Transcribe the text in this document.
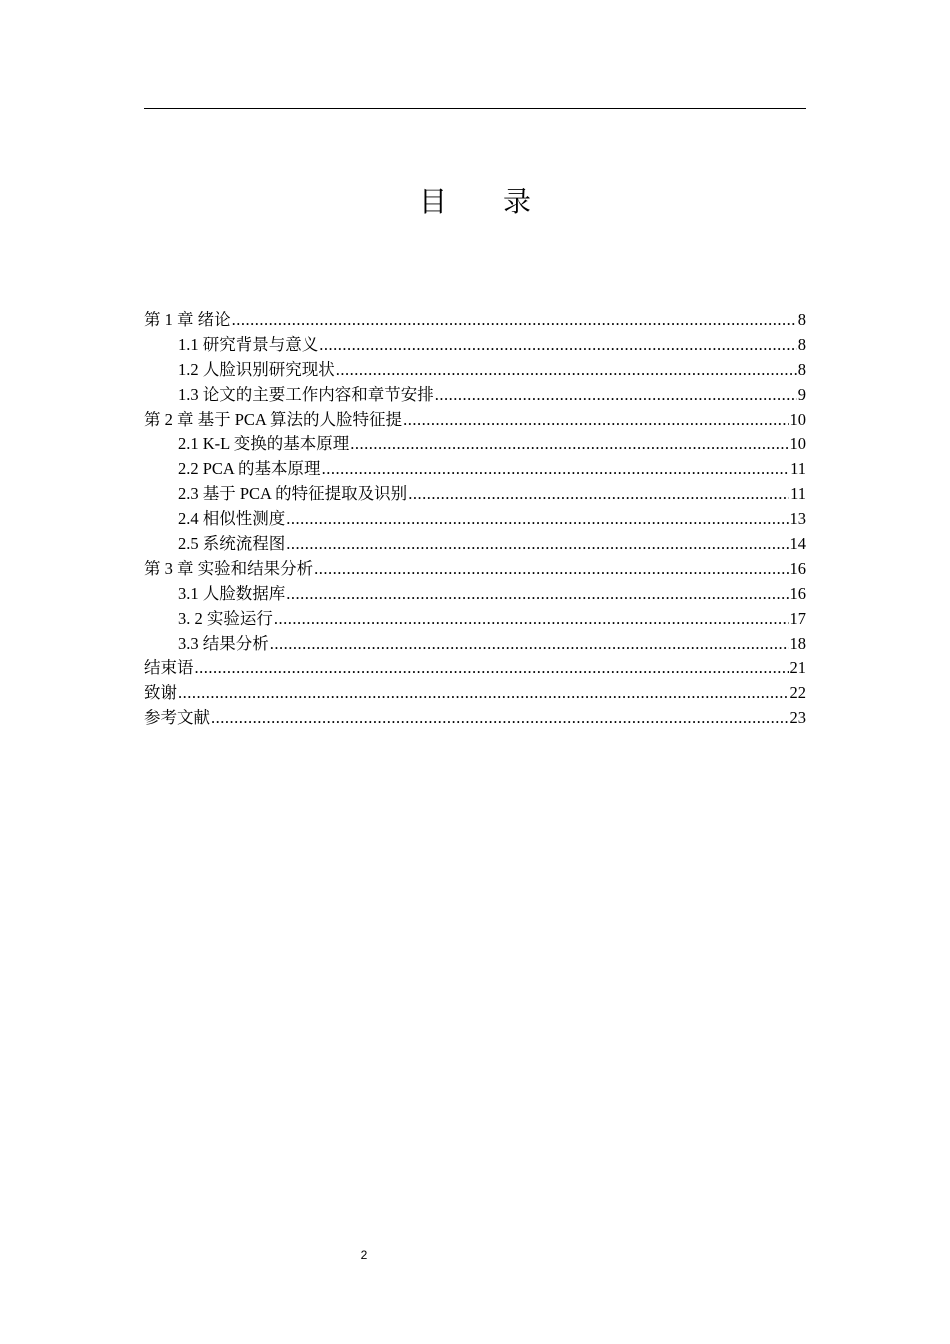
目 录
第 1 章 绪论 .....	8
1.1 研究背景与意义 .....	8
1.2 人脸识别研究现状 .....	8
1.3 论文的主要工作内容和章节安排 .....	9
第 2 章 基于 PCA 算法的人脸特征提 .....	10
2.1 K-L 变换的基本原理 .....	10
2.2 PCA 的基本原理 .....	11
2.3 基于 PCA 的特征提取及识别 .....	11
2.4 相似性测度 .....	13
2.5 系统流程图 .....	14
第 3 章 实验和结果分析 .....	16
3.1 人脸数据库 .....	16
3. 2 实验运行 .....	17
3.3 结果分析 .....	18
结束语 .....	21
致谢 .....	22
参考文献 .....	23
2
